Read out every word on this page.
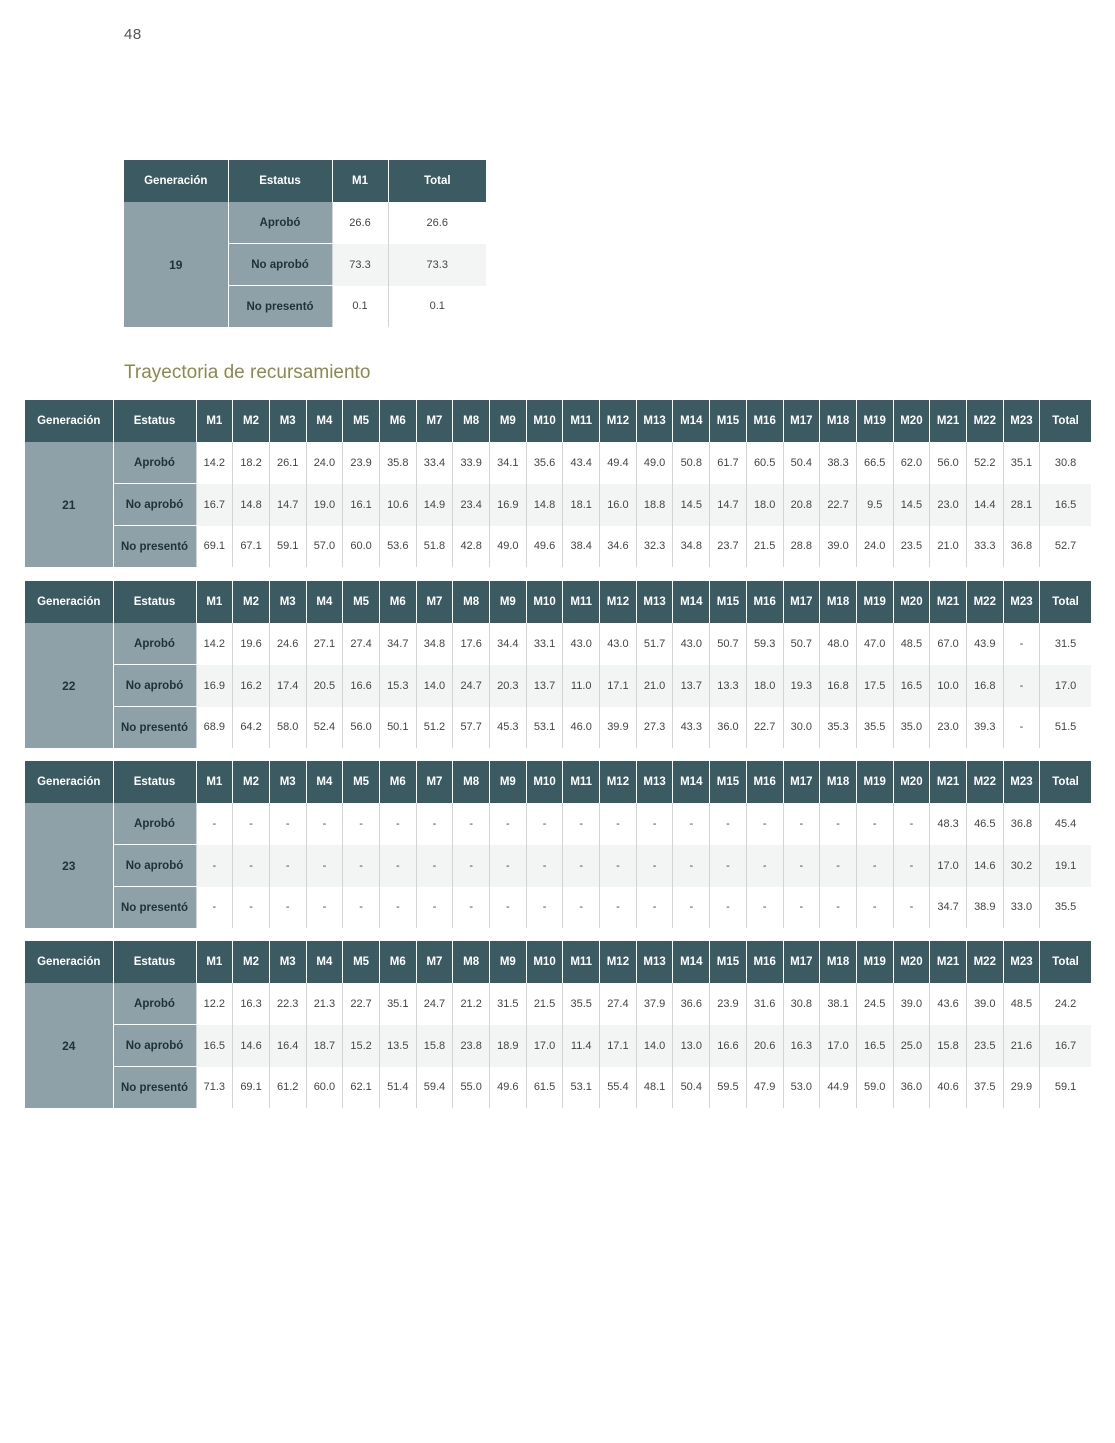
48
Generación	Estatus	M1	Total
19	Aprobó	26.6	26.6
	No aprobó	73.3	73.3
	No presentó	0.1	0.1
Trayectoria de recursamiento
Generación	Estatus	M1	M2	M3	M4	M5	M6	M7	M8	M9	M10	M11	M12	M13	M14	M15	M16	M17	M18	M19	M20	M21	M22	M23	Total
21	Aprobó	14.2	18.2	26.1	24.0	23.9	35.8	33.4	33.9	34.1	35.6	43.4	49.4	49.0	50.8	61.7	60.5	50.4	38.3	66.5	62.0	56.0	52.2	35.1	30.8
	No aprobó	16.7	14.8	14.7	19.0	16.1	10.6	14.9	23.4	16.9	14.8	18.1	16.0	18.8	14.5	14.7	18.0	20.8	22.7	9.5	14.5	23.0	14.4	28.1	16.5
	No presentó	69.1	67.1	59.1	57.0	60.0	53.6	51.8	42.8	49.0	49.6	38.4	34.6	32.3	34.8	23.7	21.5	28.8	39.0	24.0	23.5	21.0	33.3	36.8	52.7
Generación	Estatus	M1	M2	M3	M4	M5	M6	M7	M8	M9	M10	M11	M12	M13	M14	M15	M16	M17	M18	M19	M20	M21	M22	M23	Total
22	Aprobó	14.2	19.6	24.6	27.1	27.4	34.7	34.8	17.6	34.4	33.1	43.0	43.0	51.7	43.0	50.7	59.3	50.7	48.0	47.0	48.5	67.0	43.9	-	31.5
	No aprobó	16.9	16.2	17.4	20.5	16.6	15.3	14.0	24.7	20.3	13.7	11.0	17.1	21.0	13.7	13.3	18.0	19.3	16.8	17.5	16.5	10.0	16.8	-	17.0
	No presentó	68.9	64.2	58.0	52.4	56.0	50.1	51.2	57.7	45.3	53.1	46.0	39.9	27.3	43.3	36.0	22.7	30.0	35.3	35.5	35.0	23.0	39.3	-	51.5
Generación	Estatus	M1	M2	M3	M4	M5	M6	M7	M8	M9	M10	M11	M12	M13	M14	M15	M16	M17	M18	M19	M20	M21	M22	M23	Total
23	Aprobó	-	-	-	-	-	-	-	-	-	-	-	-	-	-	-	-	-	-	-	-	48.3	46.5	36.8	45.4
	No aprobó	-	-	-	-	-	-	-	-	-	-	-	-	-	-	-	-	-	-	-	-	17.0	14.6	30.2	19.1
	No presentó	-	-	-	-	-	-	-	-	-	-	-	-	-	-	-	-	-	-	-	-	34.7	38.9	33.0	35.5
Generación	Estatus	M1	M2	M3	M4	M5	M6	M7	M8	M9	M10	M11	M12	M13	M14	M15	M16	M17	M18	M19	M20	M21	M22	M23	Total
24	Aprobó	12.2	16.3	22.3	21.3	22.7	35.1	24.7	21.2	31.5	21.5	35.5	27.4	37.9	36.6	23.9	31.6	30.8	38.1	24.5	39.0	43.6	39.0	48.5	24.2
	No aprobó	16.5	14.6	16.4	18.7	15.2	13.5	15.8	23.8	18.9	17.0	11.4	17.1	14.0	13.0	16.6	20.6	16.3	17.0	16.5	25.0	15.8	23.5	21.6	16.7
	No presentó	71.3	69.1	61.2	60.0	62.1	51.4	59.4	55.0	49.6	61.5	53.1	55.4	48.1	50.4	59.5	47.9	53.0	44.9	59.0	36.0	40.6	37.5	29.9	59.1
